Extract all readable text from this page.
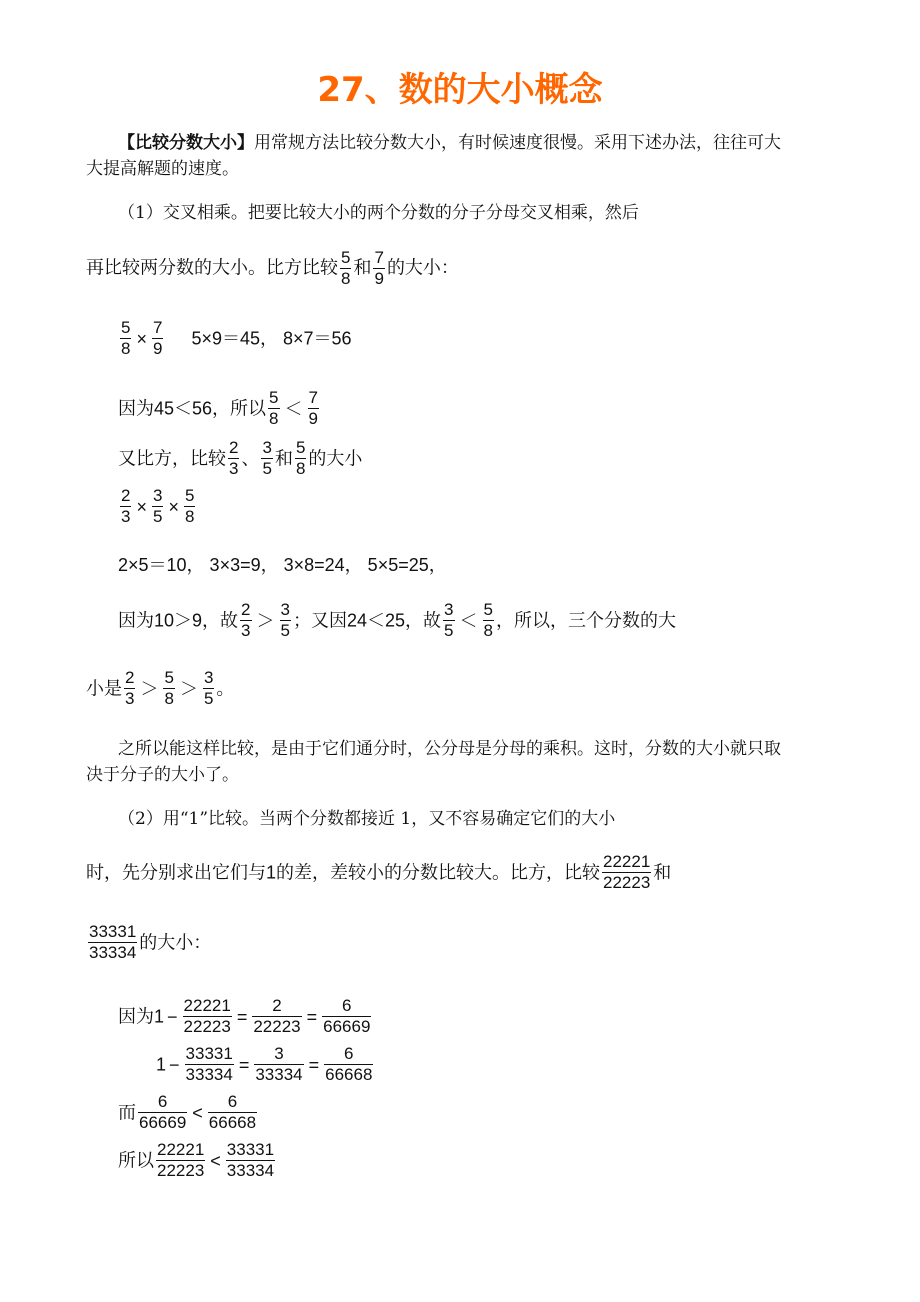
27、数的大小概念
【比较分数大小】用常规方法比较分数大小，有时候速度很慢。采用下述办法，往往可大
大提高解题的速度。
（1）交叉相乘。把要比较大小的两个分数的分子分母交叉相乘，然后
再比较两分数的大小。比方比较 $\frac{5}{8}$ 和 $\frac{7}{9}$ 的大小：
$\frac{5}{8} \times \frac{7}{9} 5\times 9=45$， 8×7＝56
因为45＜56，所以 $\frac{5}{8} < \frac{7}{9}$
又比方，比较 $\frac{2}{3}$ 、 $\frac{3}{5}$ 和 $\frac{5}{8}$ 的大小
$\frac{2}{3} \times \frac{3}{5} \times \frac{5}{8}$
2×5＝10， 3×3=9， 3×8=24， 5×5=25，
因为10＞9，故 $\frac{2}{3} > \frac{3}{5}$ ；又因24＜25，故 $\frac{3}{5} < \frac{5}{8}$ ，所以，三个分数的大
小是 $\frac{2}{3} > \frac{5}{8} > \frac{3}{5}$ 。
之所以能这样比较，是由于它们通分时，公分母是分母的乘积。这时，分数的大小就只取
决于分子的大小了。
（2）用“1”比较。当两个分数都接近 1，又不容易确定它们的大小
时，先分别求出它们与1的差，差较小的分数比较大。比方，比较 $\frac{22221}{22223}$ 和
$\frac{33331}{33334}$ 的大小：
因为$1 - \frac{22221}{22223} = \frac{2}{22223} = \frac{6}{66669}$
$1 - \frac{33331}{33334} = \frac{3}{33334} = \frac{6}{66668}$
而 $\frac{6}{66669} < \frac{6}{66668}$
所以 $\frac{22221}{22223} < \frac{33331}{33334}$
